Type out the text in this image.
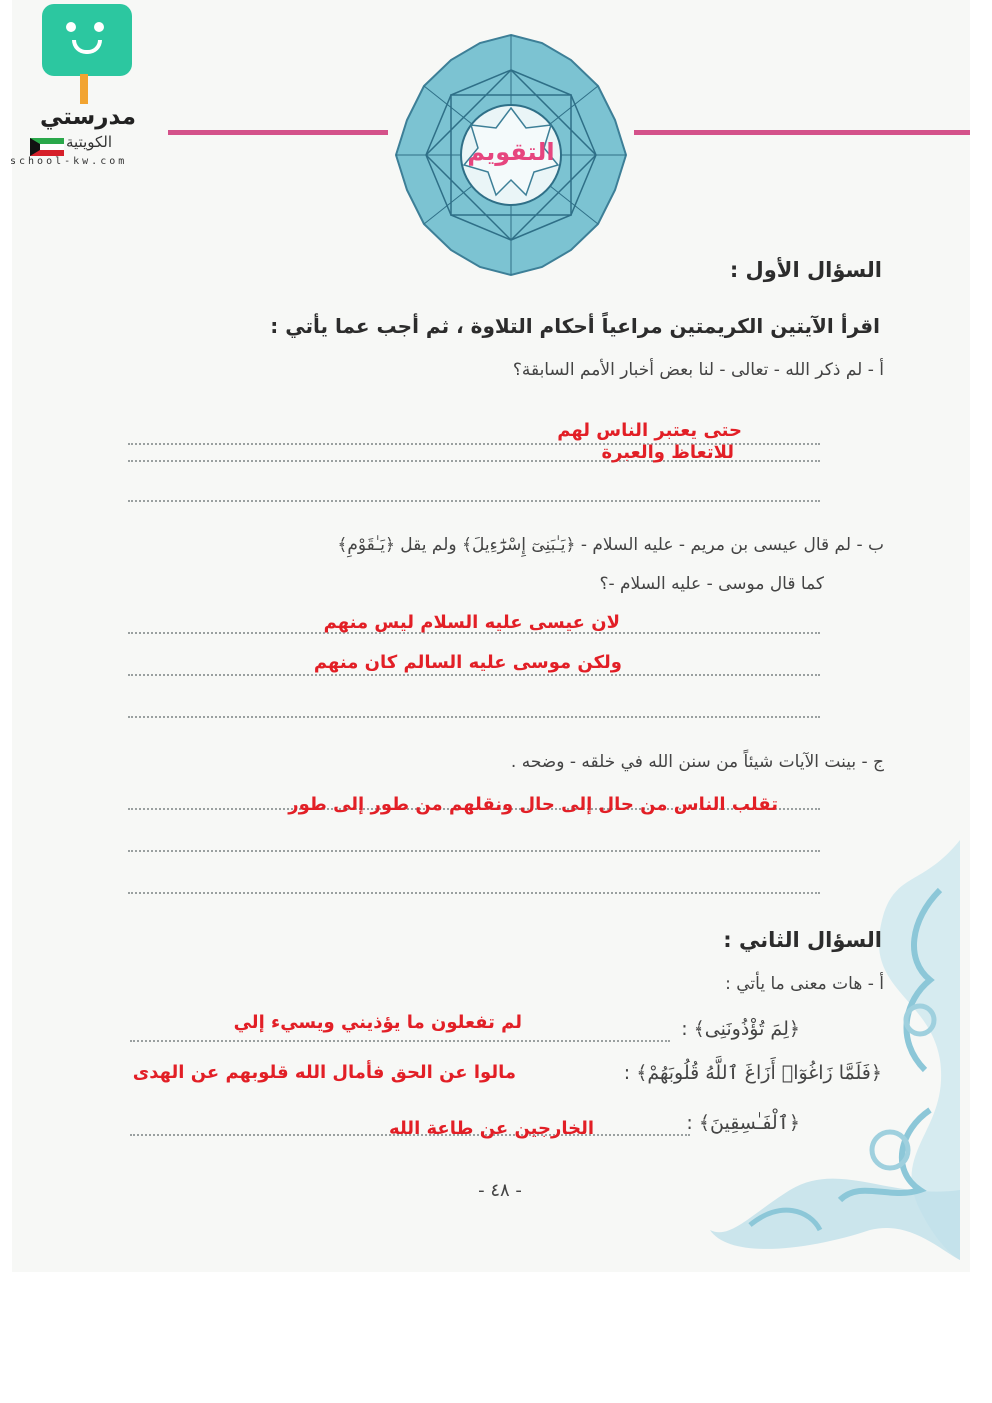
مدرستي
الكويتية
school-kw.com	التقويم
السؤال الأول :
اقرأ الآيتين الكريمتين مراعياً أحكام التلاوة ، ثم أجب عما يأتي :
أ - لم ذكر الله - تعالى - لنا بعض أخبار الأمم السابقة؟
حتى يعتبر الناس لهم
للاتعاظ والعبرة
ب - لم قال عيسى بن مريم - عليه السلام - ﴿يَـٰبَنِىٓ إِسْرَٰٓءِيلَ﴾ ولم يقل ﴿يَـٰقَوْمِ﴾
كما قال موسى - عليه السلام -؟
لان عيسى عليه السلام ليس منهم
ولكن موسى عليه السالم كان منهم
ج - بينت الآيات شيئاً من سنن الله في خلقه - وضحه .
تقلب الناس من حال إلى حال ونقلهم من طور إلى طور
السؤال الثاني :
أ - هات معنى ما يأتي :
﴿لِمَ تُؤْذُونَنِى﴾ :
لم تفعلون ما يؤذيني ويسيء إلي
﴿فَلَمَّا زَاغُوٓا۟ أَزَاغَ ٱللَّهُ قُلُوبَهُمْ﴾ :
مالوا عن الحق فأمال الله قلوبهم عن الهدى
﴿ٱلْفَـٰسِقِينَ﴾ :
الخارجين عن طاعة الله
- ٤٨ -
